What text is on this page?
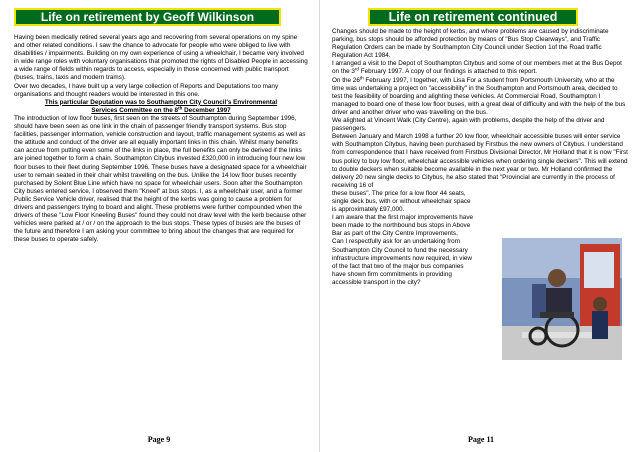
Life on retirement by Geoff Wilkinson

Having been medically retired several years ago and recovering from several operations on my spine and other related conditions. I saw the chance to advocate for people who were obliged to live with disabilities / impairments. Building on my own experience of using a wheelchair, I became very involved in wide range roles with voluntary organisations that promoted the rights of Disabled People in accessing a wide range of fields within regards to access, especially in those concerned with public transport (buses, trains, taxis and modern trams).

Over two decades, I have built up a very large collection of Reports and Deputations too many organisations and thought readers would be interested in this one.

This particular Deputation was to Southampton City Council's Environmental
Services Committee on the 8th December 1997

The introduction of low floor buses, first seen on the streets of Southampton during September 1996, should have been seen as one link in the chain of passenger friendly transport systems. Bus stop facilities, passenger information, vehicle construction and layout, traffic management systems as well as the attitude and conduct of the driver are all equally important links in this chain. Whilst many benefits can accrue from putting even some of the links in place, the full benefits can only be derived if the links are joined together to form a chain. Southampton Citybus invested £320,000 in introducing four new low floor buses to their fleet during September 1996. These buses have a designated space for a wheelchair user to remain seated in their chair whilst travelling on the bus. Unlike the 14 low floor buses recently purchased by Solent Blue Line which have no space for wheelchair users. Soon after the Southampton City buses entered service, I observed them "Kneel" at bus stops. I, as a wheelchair user, and a former Public Service Vehicle driver, realised that the height of the kerbs was going to cause a problem for drivers and passengers trying to board and alight. These problems were further compounded when the drivers of these "Low Floor Kneeling Buses" found they could not draw level with the kerb because other vehicles were parked at / or / on the approach to the bus stops. These types of buses are the buses of the future and therefore I am asking your committee to bring about the changes that are required for these buses to operate safely.

Page 9
Life on retirement continued

Changes should be made to the height of kerbs, and where problems are caused by indiscriminate parking, bus stops should be afforded protection by means of "Bus Stop Clearways", and Traffic Regulation Orders can be made by Southampton City Council under Section 1of the Road traffic Regulation Act 1984.

I arranged a visit to the Depot of Southampton Citybus and some of our members met at the Bus Depot on the 3rd February 1997. A copy of our findings is attached to this report.

On the 26th February 1997, I together, with Lisa For a student from Portsmouth University, who at the time was undertaking a project on "accessibility" in the Southampton and Portsmouth area, decided to test the feasibility of boarding and alighting these vehicles. At Commercial Road, Southampton I managed to board one of these low floor buses, with a great deal of difficulty and with the help of the bus driver and another driver who was travelling on the bus.

We alighted at Vincent Walk (City Centre), again with problems, despite the help of the driver and passengers.

Between January and March 1998 a further 20 low floor, wheelchair accessible buses will enter service with Southampton Citybus, having been purchased by Firstbus the new owners of Citybus. I understand from correspondence that I have received from Firstbus Divisional Director, Mr Holland that it is now "First bus policy to buy low floor, wheelchair accessible vehicles when ordering single deckers". This will extend to double deckers when suitable become available in the next year or two. Mr Holland confirmed the delivery 20 new single decks to Citybus, he also stated that "Provincial are currently in the process of receiving 16 of
these buses". The price for a low floor 44 seats,
single deck bus, with or without wheelchair space
is approximately £97,000.

I am aware that the first major improvements have
been made to the northbound bus stops in Above
Bar as part of the City Centre Improvements,
Can I respectfully ask for an undertaking from
Southampton City Council to fund the necessary
infrastructure improvements now required, in view
of the fact that two of the major bus companies
have shown firm commitments in providing
accessible transport in the city?

Page 11
